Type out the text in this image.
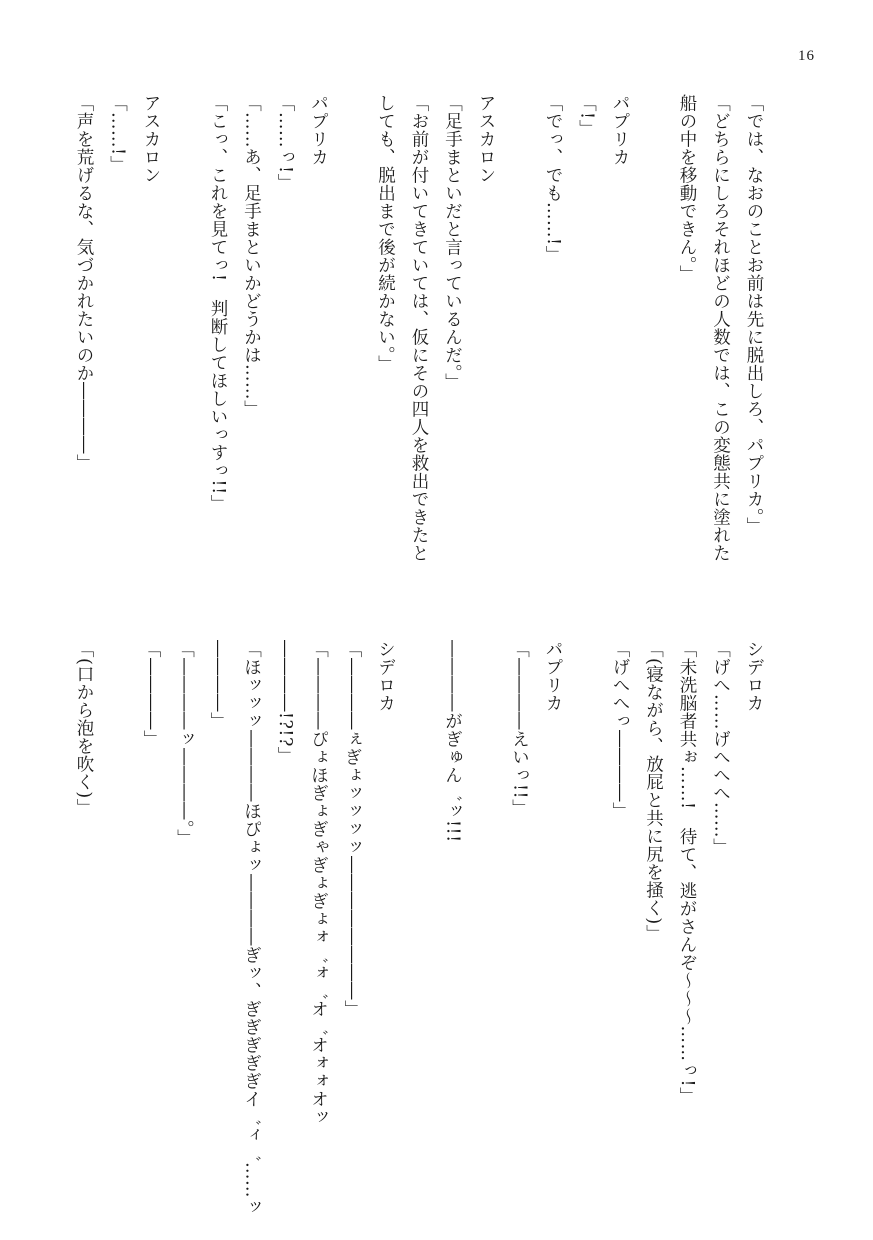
16
「では、なおのことお前は先に脱出しろ、パプリカ。」
「どちらにしろそれほどの人数では、この変態共に塗れた
船の中を移動できん。」

パプリカ
「!」
「でっ、でも……!」

アスカロン
「足手まといだと言っているんだ。」
「お前が付いてきていては、仮にその四人を救出できたと
しても、脱出まで後が続かない。」

パプリカ
「……っ!」
「……あ、足手まといかどうかは……」
「こっ、これを見てっ!　判断してほしいっすっ!!」

アスカロン
「……!」
「声を荒げるな、気づかれたいのか――――」
シデロカ
「げへ……げへへへ……」
「未洗脳者共ぉ……!　待て、逃がさんぞ～～～……っ!」
「(寝ながら、放屁と共に尻を掻く)」
「げへへっ――――」

パプリカ
「――――えいっ!!」

――――がぎゅん゛ッ!!!

シデロカ
「――――ぇぎょッッッッ――――――――」
「――――ぴょほぎょぎゃぎょぎょォ゛ォ゛オ゛オォォオッ
――――!?!?」
「ほッッッ――――ほぴょッ――――ぎッ、ぎぎぎぎぎイ゛ィ゛……ッ
――――」
「――――ッ――――。」
「――――」

「(口から泡を吹く)」
